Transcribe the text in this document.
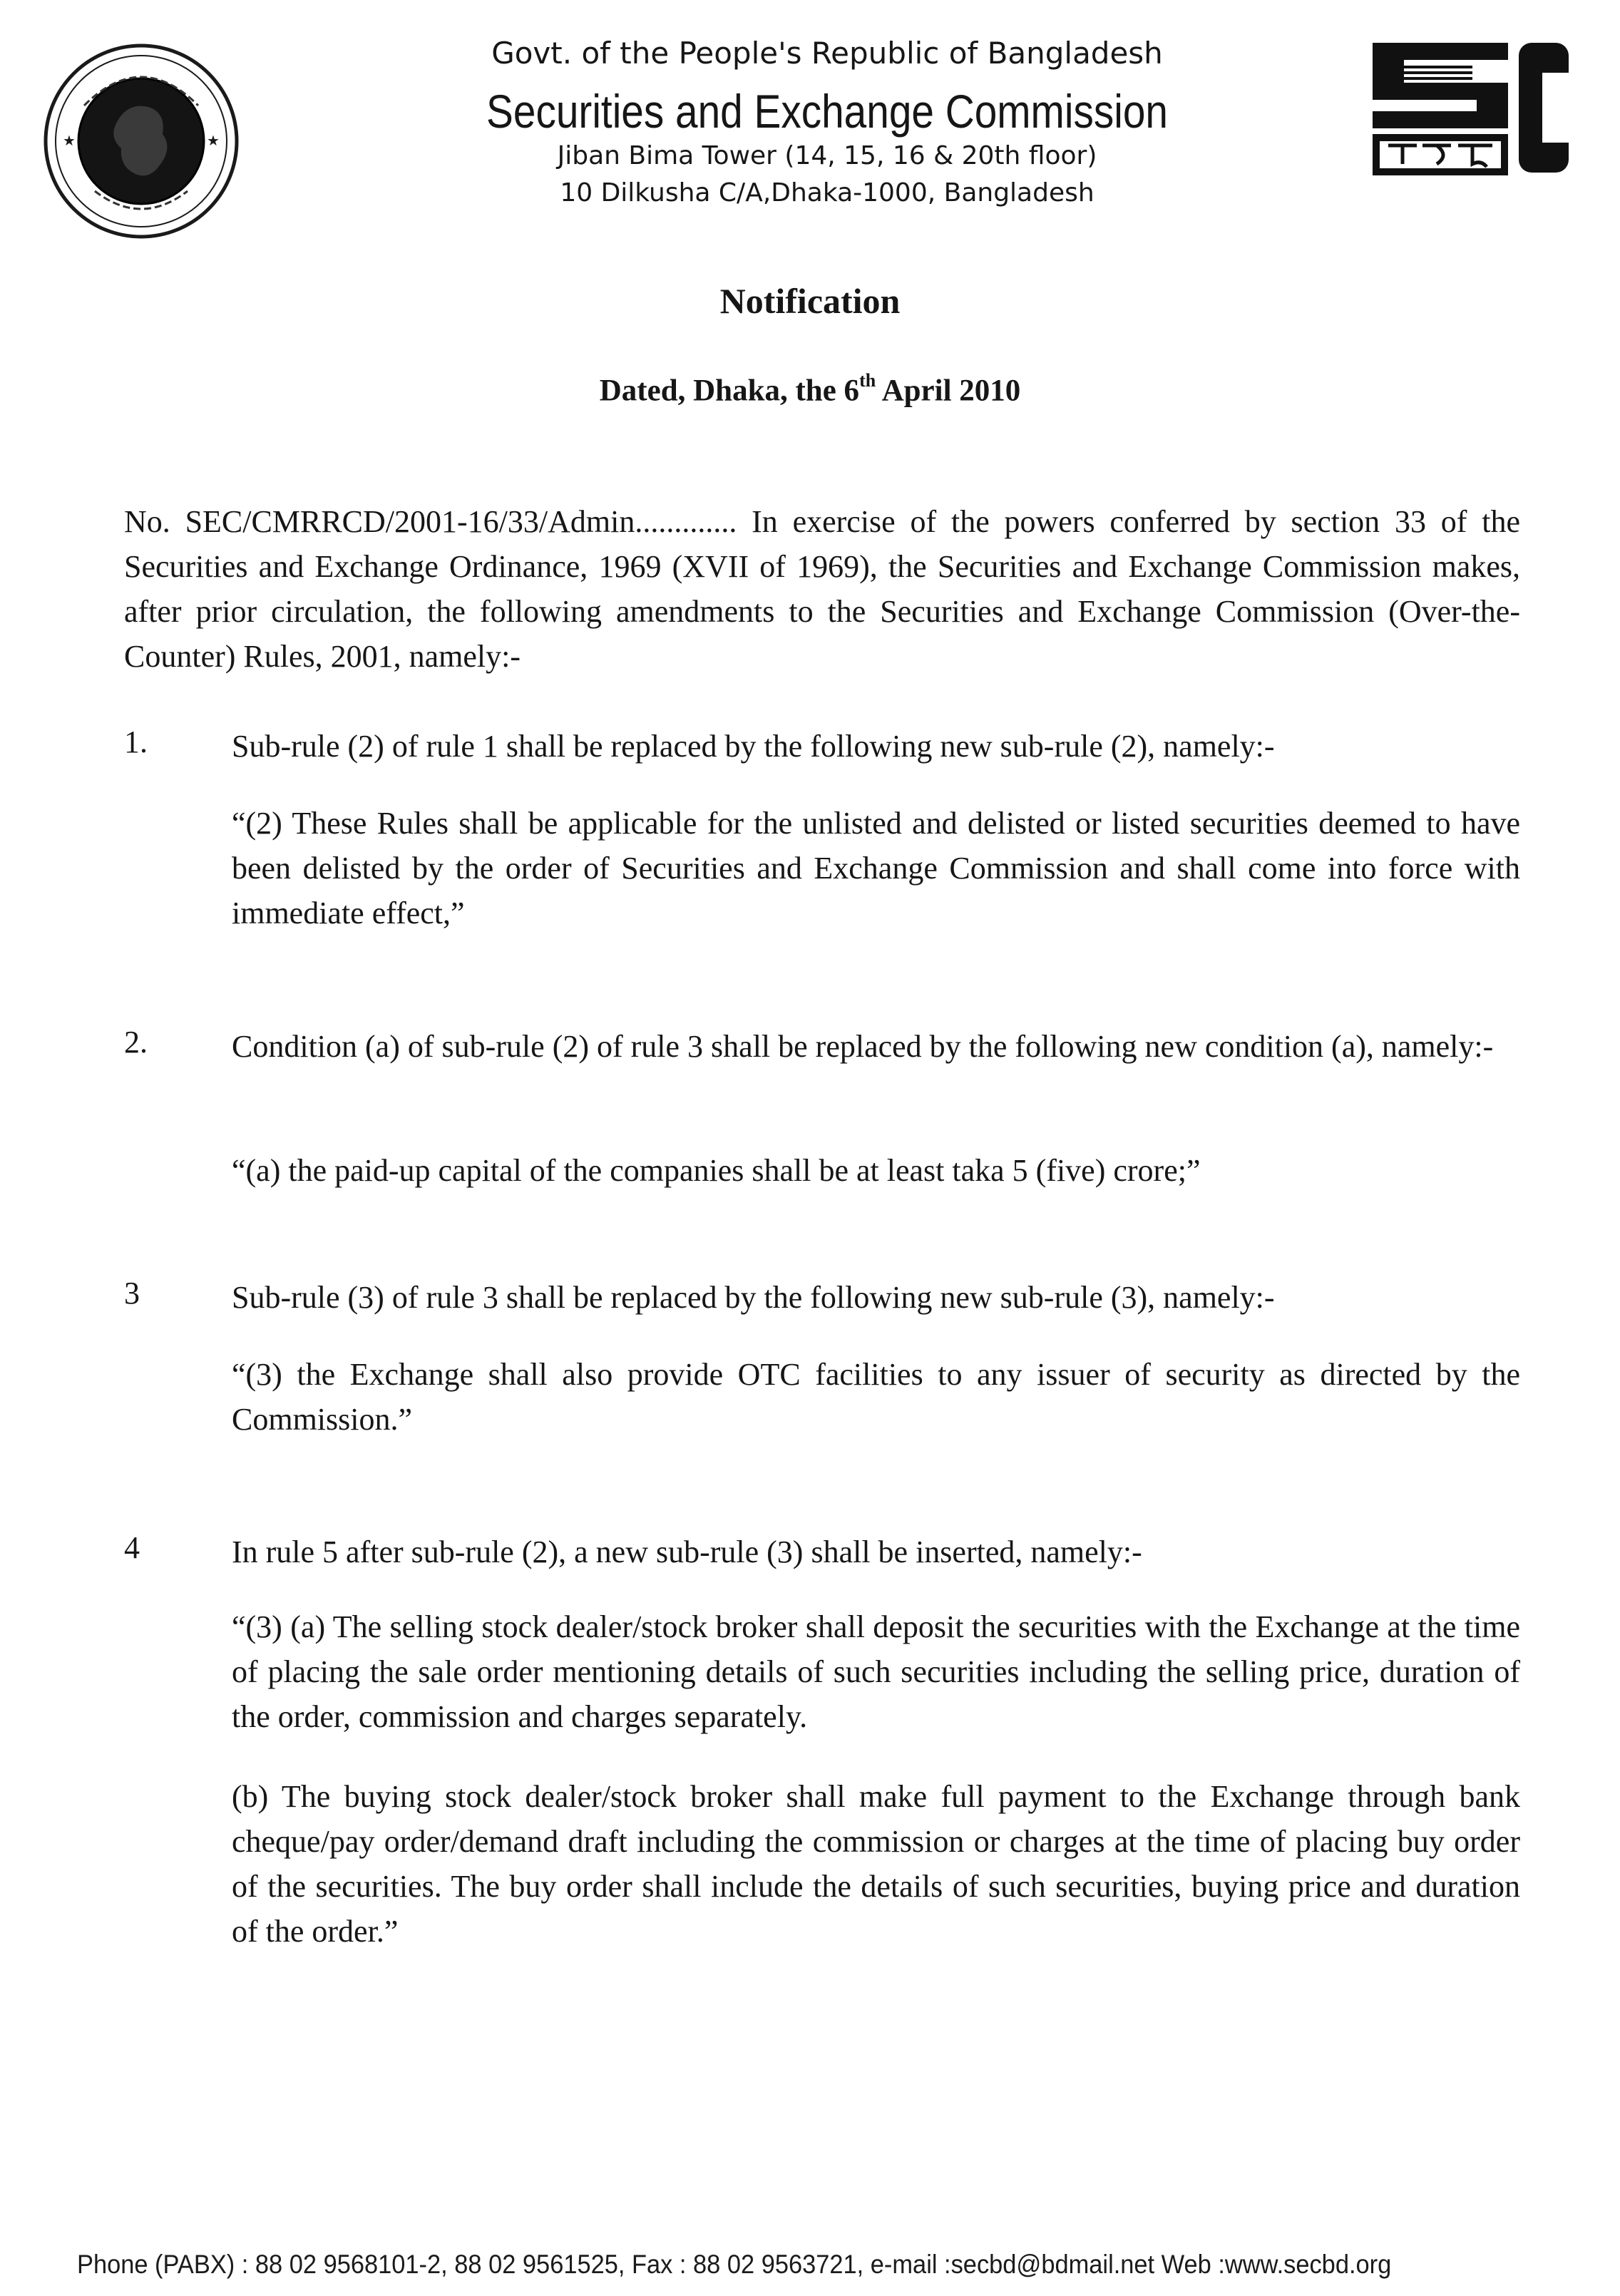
★	★
Govt. of the People's Republic of Bangladesh
Securities and Exchange Commission
Jiban Bima Tower (14, 15, 16 & 20th floor)
10 Dilkusha C/A,Dhaka-1000, Bangladesh
Notification
Dated, Dhaka, the 6th April 2010
No. SEC/CMRRCD/2001-16/33/Admin............. In exercise of the powers conferred by section 33 of the Securities and Exchange Ordinance, 1969 (XVII of 1969), the Securities and Exchange Commission makes, after prior circulation, the following amendments to the Securities and Exchange Commission (Over-the-Counter) Rules, 2001, namely:-
1.	Sub-rule (2) of rule 1 shall be replaced by the following new sub-rule (2), namely:-
“(2) These Rules shall be applicable for the unlisted and delisted or listed securities deemed to have been delisted by the order of Securities and Exchange Commission and shall come into force with immediate effect,”
2.	Condition (a) of sub-rule (2) of rule 3 shall be replaced by the following new condition (a), namely:-
“(a) the paid-up capital of the companies shall be at least taka 5 (five) crore;”
3	Sub-rule (3) of rule 3 shall be replaced by the following new sub-rule (3), namely:-
“(3) the Exchange shall also provide OTC facilities to any issuer of security as directed by the Commission.”
4	In rule 5 after sub-rule (2), a new sub-rule (3) shall be inserted, namely:-
“(3) (a) The selling stock dealer/stock broker shall deposit the securities with the Exchange at the time of placing the sale order mentioning details of such securities including the selling price, duration of the order, commission and charges separately.
(b) The buying stock dealer/stock broker shall make full payment to the Exchange through bank cheque/pay order/demand draft including the commission or charges at the time of placing buy order of the securities. The buy order shall include the details of such securities, buying price and duration of the order.”
Phone (PABX) : 88 02 9568101-2, 88 02 9561525, Fax : 88 02 9563721, e-mail :secbd@bdmail.net Web :www.secbd.org
